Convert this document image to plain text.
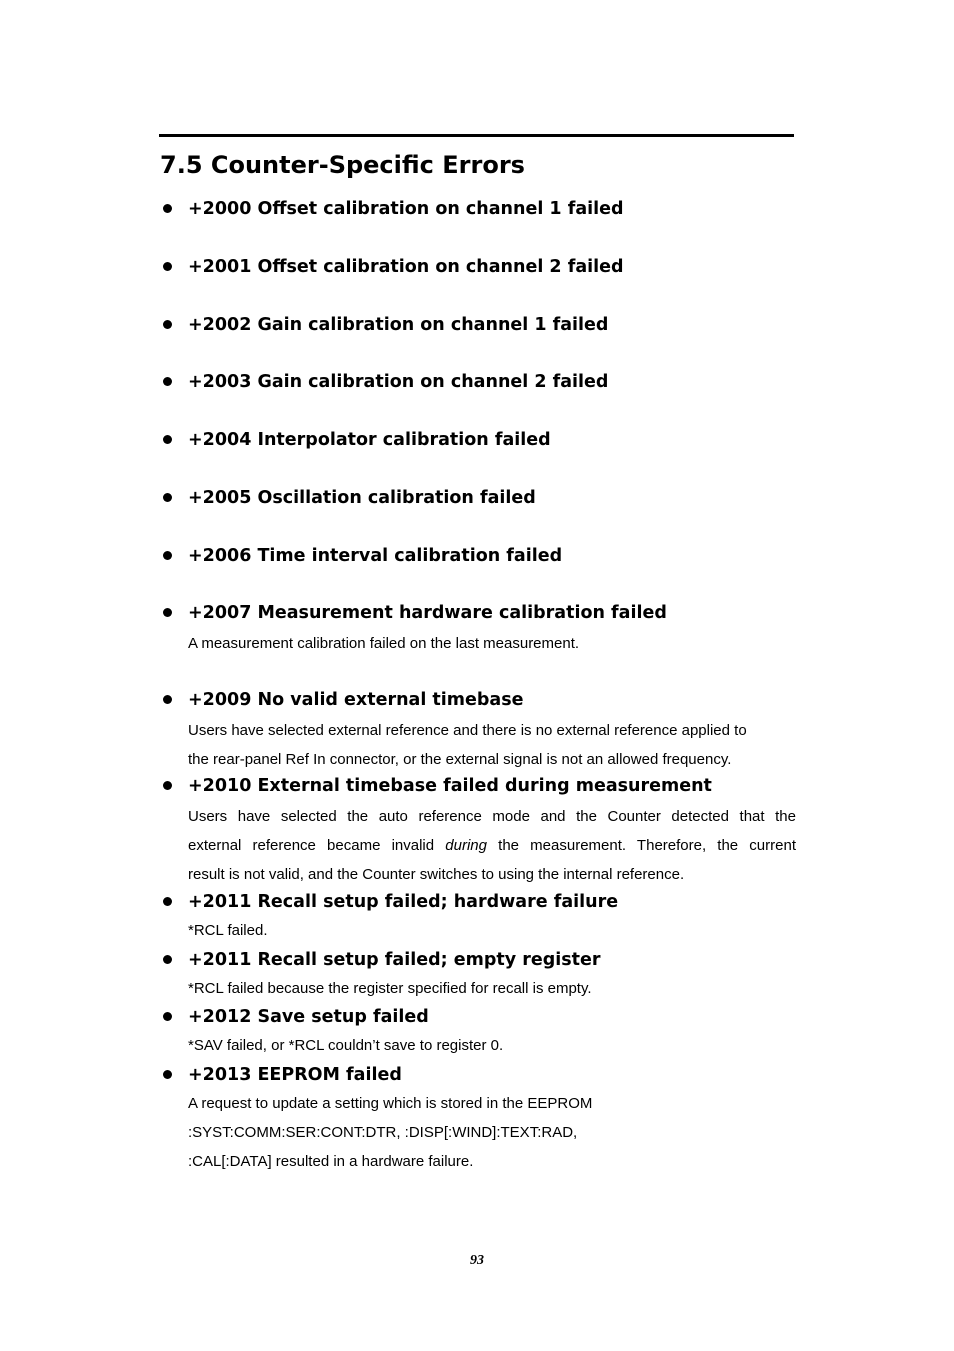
7.5 Counter-Specific Errors
+2000 Offset calibration on channel 1 failed
+2001 Offset calibration on channel 2 failed
+2002 Gain calibration on channel 1 failed
+2003 Gain calibration on channel 2 failed
+2004 Interpolator calibration failed
+2005 Oscillation calibration failed
+2006 Time interval calibration failed
+2007 Measurement hardware calibration failed
A measurement calibration failed on the last measurement.
+2009 No valid external timebase
Users have selected external reference and there is no external reference applied to
the rear-panel Ref In connector, or the external signal is not an allowed frequency.
+2010 External timebase failed during measurement
Users have selected the auto reference mode and the Counter detected that the
external reference became invalid during the measurement. Therefore, the current
result is not valid, and the Counter switches to using the internal reference.
+2011 Recall setup failed; hardware failure
*RCL failed.
+2011 Recall setup failed; empty register
*RCL failed because the register specified for recall is empty.
+2012 Save setup failed
*SAV failed, or *RCL couldn’t save to register 0.
+2013 EEPROM failed
A request to update a setting which is stored in the EEPROM
:SYST:COMM:SER:CONT:DTR, :DISP[:WIND]:TEXT:RAD,
:CAL[:DATA] resulted in a hardware failure.
93
